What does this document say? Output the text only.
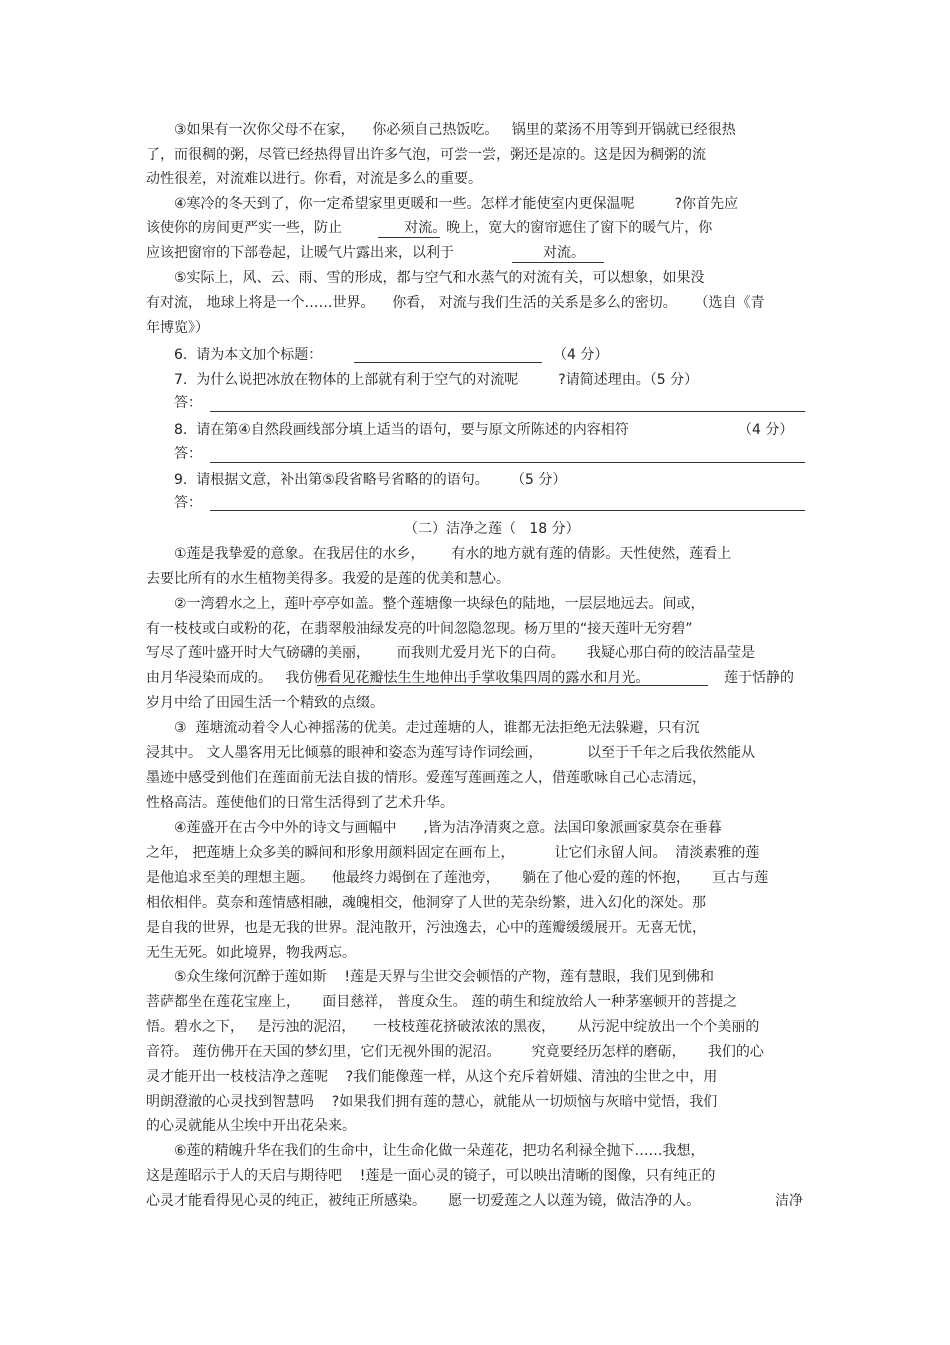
③如果有一次你父母不在家，    你必须自己热饭吃。   锅里的菜汤不用等到开锅就已经很热
了，而很稠的粥，尽管已经热得冒出许多气泡，可尝一尝，粥还是凉的。这是因为稠粥的流
动性很差，对流难以进行。你看，对流是多么的重要。
④寒冷的冬天到了，你一定希望家里更暖和一些。怎样才能使室内更保温呢         ?你首先应
该使你的房间更严实一些，防止              对流。晚上，宽大的窗帘遮住了窗下的暖气片，你
应该把窗帘的下部卷起，让暖气片露出来，以利于                    对流。
⑤实际上，风、云、雨、雪的形成，都与空气和水蒸气的对流有关，可以想象，如果没
有对流， 地球上将是一个……世界。    你看， 对流与我们生活的关系是多么的密切。    （选自《青
年博览》）
6.  请为本文加个标题：	（4 分）
7.  为什么说把冰放在物体的上部就有利于空气的对流呢         ?请简述理由。（5 分）
答：
8.  请在第④自然段画线部分填上适当的语句，要与原文所陈述的内容相符	（4 分）
答：
9.  请根据文意，补出第⑤段省略号省略的的语句。     （5 分）
答：
（二）洁净之莲（   18 分）
①莲是我挚爱的意象。在我居住的水乡，      有水的地方就有莲的倩影。天性使然，莲看上
去要比所有的水生植物美得多。我爱的是莲的优美和慧心。
②一湾碧水之上，莲叶亭亭如盖。整个莲塘像一块绿色的陆地，一层层地远去。间或，
有一枝枝或白或粉的花，在翡翠般油绿发亮的叶间忽隐忽现。杨万里的“接天莲叶无穷碧”
写尽了莲叶盛开时大气磅礴的美丽，      而我则尤爱月光下的白荷。     我疑心那白荷的皎洁晶莹是
由月华浸染而成的。   我仿佛看见花瓣怯生生地伸出手掌收集四周的露水和月光。	莲于恬静的
岁月中给了田园生活一个精致的点缀。
③  莲塘流动着令人心神摇荡的优美。走过莲塘的人，谁都无法拒绝无法躲避，只有沉
浸其中。 文人墨客用无比倾慕的眼神和姿态为莲写诗作词绘画，          以至于千年之后我依然能从
墨迹中感受到他们在莲面前无法自拔的情形。爱莲写莲画莲之人，借莲歌咏自己心志清远，
性格高洁。莲使他们的日常生活得到了艺术升华。
④莲盛开在古今中外的诗文与画幅中      ,皆为洁净清爽之意。法国印象派画家莫奈在垂暮
之年， 把莲塘上众多美的瞬间和形象用颜料固定在画布上，         让它们永留人间。  清淡素雅的莲
是他追求至美的理想主题。    他最终力竭倒在了莲池旁，     躺在了他心爱的莲的怀抱，     亘古与莲
相依相伴。莫奈和莲情感相融，魂魄相交，他洞穿了人世的芜杂纷繁，进入幻化的深处。那
是自我的世界，也是无我的世界。混沌散开，污浊逸去，心中的莲瓣缓缓展开。无喜无忧，
无生无死。如此境界，物我两忘。
⑤众生缘何沉醉于莲如斯    !莲是天界与尘世交会顿悟的产物，莲有慧眼，我们见到佛和
菩萨都坐在莲花宝座上，     面目慈祥， 普度众生。 莲的萌生和绽放给人一种茅塞顿开的菩提之
悟。碧水之下，   是污浊的泥沼，    一枝枝莲花挤破浓浓的黑夜，     从污泥中绽放出一个个美丽的
音符。 莲仿佛开在天国的梦幻里，它们无视外围的泥沼。       究竟要经历怎样的磨砺，     我们的心
灵才能开出一枝枝洁净之莲呢    ?我们能像莲一样，从这个充斥着妍媸、清浊的尘世之中，用
明朗澄澈的心灵找到智慧吗    ?如果我们拥有莲的慧心，就能从一切烦恼与灰暗中觉悟，我们
的心灵就能从尘埃中开出花朵来。
⑥莲的精魄升华在我们的生命中，让生命化做一朵莲花，把功名利禄全抛下……我想，
这是莲昭示于人的天启与期待吧    !莲是一面心灵的镜子，可以映出清晰的图像，只有纯正的
心灵才能看得见心灵的纯正，被纯正所感染。     愿一切爱莲之人以莲为镜，做洁净的人。	洁净
